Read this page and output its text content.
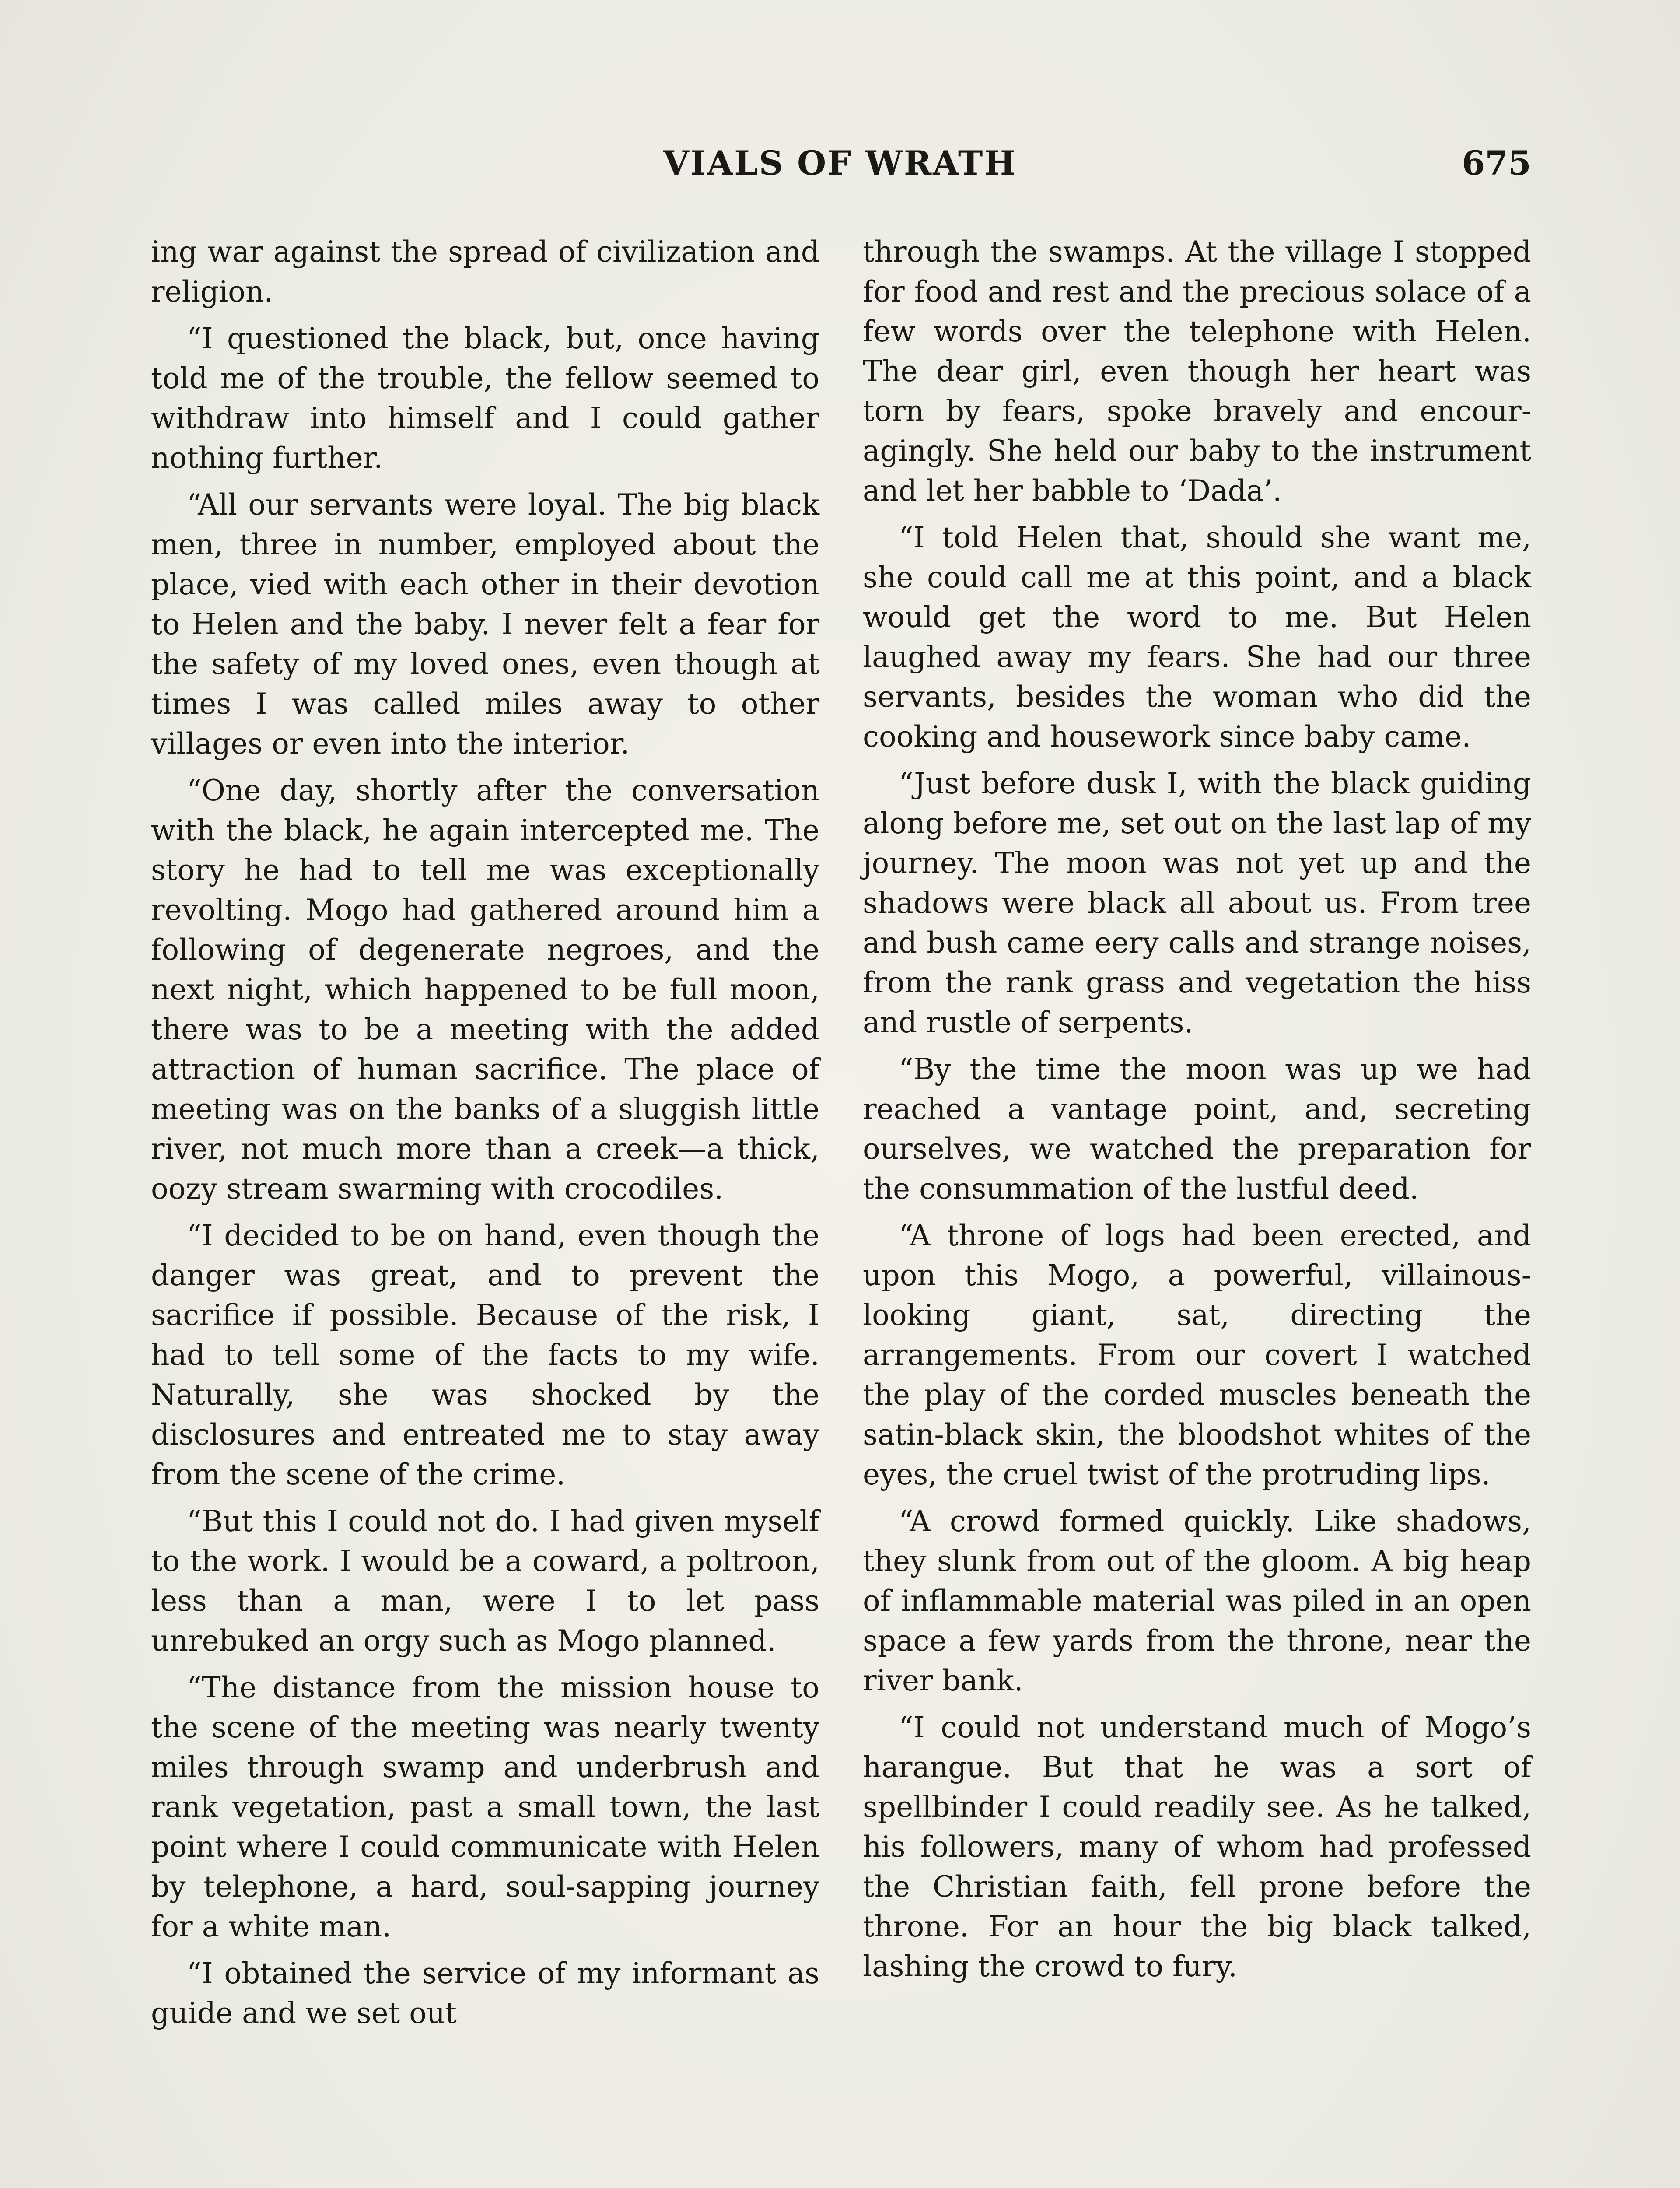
VIALS OF WRATH	675

ing war against the spread of civilization and religion.

“I questioned the black, but, once having told me of the trouble, the fellow seemed to withdraw into himself and I could gather nothing further.

“All our servants were loyal. The big black men, three in number, employed about the place, vied with each other in their devotion to Helen and the baby. I never felt a fear for the safety of my loved ones, even though at times I was called miles away to other villages or even into the interior.

“One day, shortly after the conversation with the black, he again intercepted me. The story he had to tell me was exceptionally revolting. Mogo had gathered around him a following of degenerate negroes, and the next night, which happened to be full moon, there was to be a meeting with the added attraction of human sacrifice. The place of meeting was on the banks of a sluggish little river, not much more than a creek—a thick, oozy stream swarming with crocodiles.

“I decided to be on hand, even though the danger was great, and to prevent the sacrifice if possible. Because of the risk, I had to tell some of the facts to my wife. Naturally, she was shocked by the disclosures and entreated me to stay away from the scene of the crime.

“But this I could not do. I had given myself to the work. I would be a coward, a poltroon, less than a man, were I to let pass unrebuked an orgy such as Mogo planned.

“The distance from the mission house to the scene of the meeting was nearly twenty miles through swamp and underbrush and rank vegetation, past a small town, the last point where I could communicate with Helen by telephone, a hard, soul-sapping journey for a white man.

“I obtained the service of my informant as guide and we set out

through the swamps. At the village I stopped for food and rest and the precious solace of a few words over the telephone with Helen. The dear girl, even though her heart was torn by fears, spoke bravely and encouragingly. She held our baby to the instrument and let her babble to ‘Dada’.

“I told Helen that, should she want me, she could call me at this point, and a black would get the word to me. But Helen laughed away my fears. She had our three servants, besides the woman who did the cooking and housework since baby came.

“Just before dusk I, with the black guiding along before me, set out on the last lap of my journey. The moon was not yet up and the shadows were black all about us. From tree and bush came eery calls and strange noises, from the rank grass and vegetation the hiss and rustle of serpents.

“By the time the moon was up we had reached a vantage point, and, secreting ourselves, we watched the preparation for the consummation of the lustful deed.

“A throne of logs had been erected, and upon this Mogo, a powerful, villainous-looking giant, sat, directing the arrangements. From our covert I watched the play of the corded muscles beneath the satin-black skin, the bloodshot whites of the eyes, the cruel twist of the protruding lips.

“A crowd formed quickly. Like shadows, they slunk from out of the gloom. A big heap of inflammable material was piled in an open space a few yards from the throne, near the river bank.

“I could not understand much of Mogo’s harangue. But that he was a sort of spellbinder I could readily see. As he talked, his followers, many of whom had professed the Christian faith, fell prone before the throne. For an hour the big black talked, lashing the crowd to fury.
